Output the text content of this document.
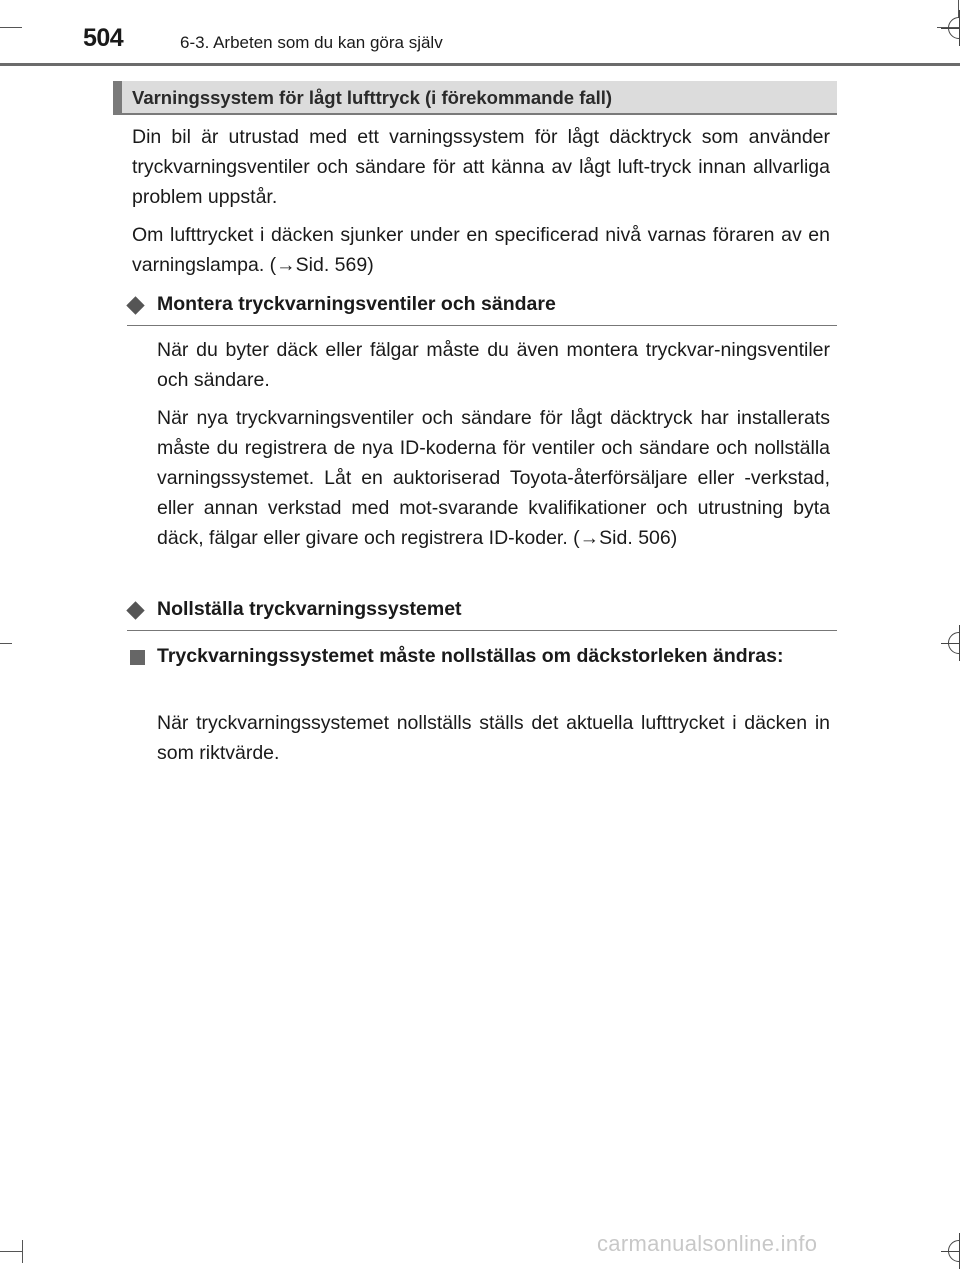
504	6-3. Arbeten som du kan göra själv
Varningssystem för lågt lufttryck (i förekommande fall)

Din bil är utrustad med ett varningssystem för lågt däcktryck som använder tryckvarningsventiler och sändare för att känna av lågt luft-tryck innan allvarliga problem uppstår.

Om lufttrycket i däcken sjunker under en specificerad nivå varnas föraren av en varningslampa. (→Sid. 569)

Montera tryckvarningsventiler och sändare

När du byter däck eller fälgar måste du även montera tryckvar-ningsventiler och sändare.

När nya tryckvarningsventiler och sändare för lågt däcktryck har installerats måste du registrera de nya ID-koderna för ventiler och sändare och nollställa varningssystemet. Låt en auktoriserad Toyota-återförsäljare eller -verkstad, eller annan verkstad med mot-svarande kvalifikationer och utrustning byta däck, fälgar eller givare och registrera ID-koder. (→Sid. 506)

Nollställa tryckvarningssystemet

Tryckvarningssystemet måste nollställas om däckstorleken ändras:

När tryckvarningssystemet nollställs ställs det aktuella lufttrycket i däcken in som riktvärde.

carmanualsonline.info
